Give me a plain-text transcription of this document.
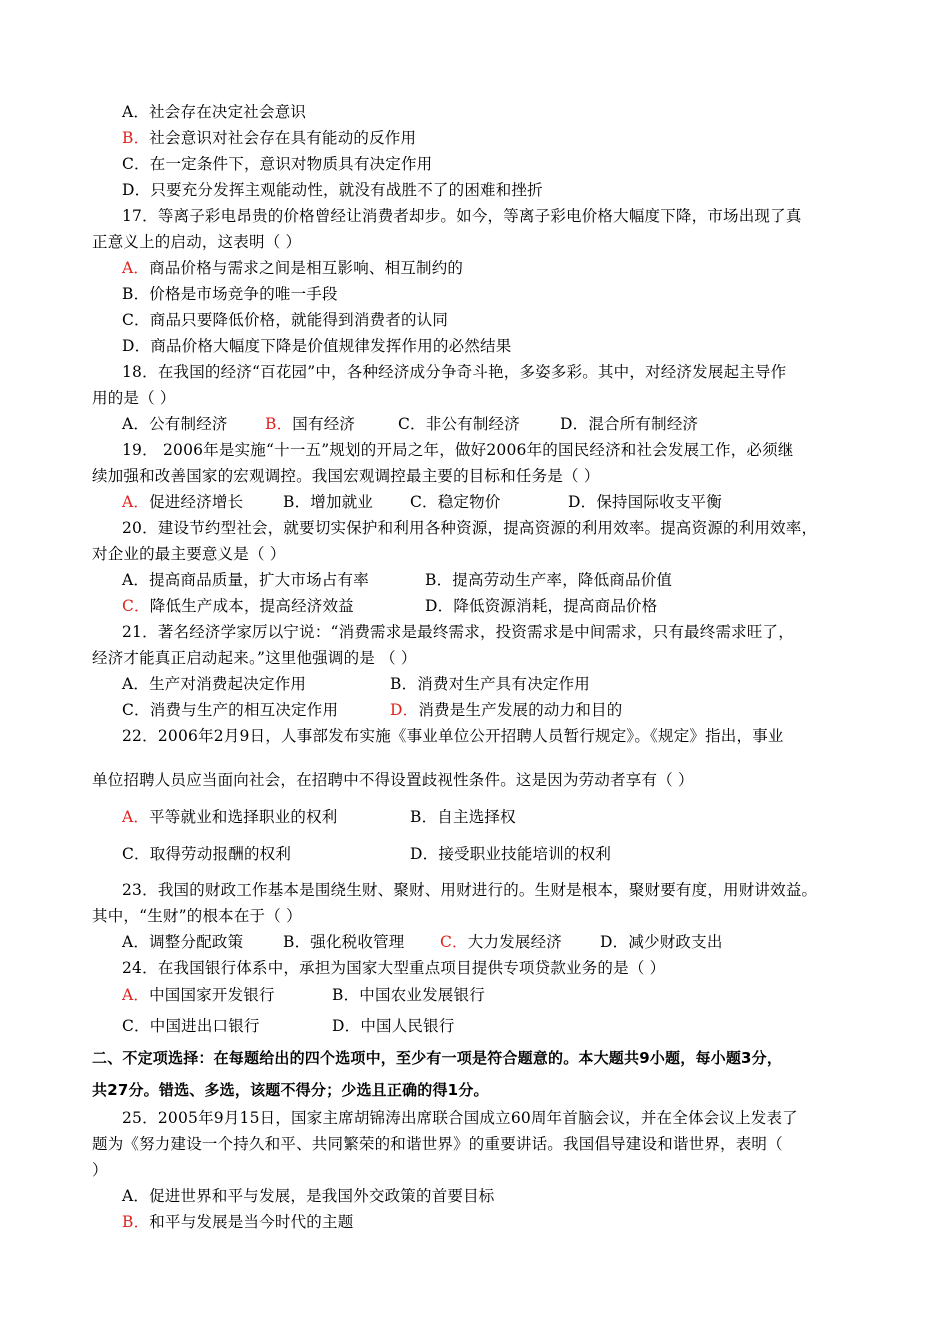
A．社会存在决定社会意识
B．社会意识对社会存在具有能动的反作用
C．在一定条件下，意识对物质具有决定作用
D．只要充分发挥主观能动性，就没有战胜不了的困难和挫折
17．等离子彩电昂贵的价格曾经让消费者却步。如今，等离子彩电价格大幅度下降，市场出现了真
正意义上的启动，这表明（ ）
A．商品价格与需求之间是相互影响、相互制约的
B．价格是市场竞争的唯一手段
C．商品只要降低价格，就能得到消费者的认同
D．商品价格大幅度下降是价值规律发挥作用的必然结果
18．在我国的经济“百花园”中，各种经济成分争奇斗艳，多姿多彩。其中，对经济发展起主导作
用的是（ ）
A．公有制经济 B．国有经济	C．非公有制经济	D．混合所有制经济
19． 2006年是实施“十一五”规划的开局之年，做好2006年的国民经济和社会发展工作，必须继
续加强和改善国家的宏观调控。我国宏观调控最主要的目标和任务是（ ）
A．促进经济增长	B．增加就业 C．稳定物价	D．保持国际收支平衡
20．建设节约型社会，就要切实保护和利用各种资源，提高资源的利用效率。提高资源的利用效率，
对企业的最主要意义是（ ）
A．提高商品质量，扩大市场占有率	B．提高劳动生产率，降低商品价值
C．降低生产成本，提高经济效益	D．降低资源消耗，提高商品价格
21．著名经济学家厉以宁说：“消费需求是最终需求，投资需求是中间需求，只有最终需求旺了，
经济才能真正启动起来。”这里他强调的是 （ ）
A．生产对消费起决定作用	B．消费对生产具有决定作用
C．消费与生产的相互决定作用	D．消费是生产发展的动力和目的
22．2006年2月9日，人事部发布实施《事业单位公开招聘人员暂行规定》。《规定》指出，事业
单位招聘人员应当面向社会，在招聘中不得设置歧视性条件。这是因为劳动者享有（ ）
A．平等就业和选择职业的权利	B．自主选择权
C．取得劳动报酬的权利	D．接受职业技能培训的权利
23．我国的财政工作基本是围绕生财、聚财、用财进行的。生财是根本，聚财要有度，用财讲效益。
其中，“生财”的根本在于（ ）
A．调整分配政策	B．强化税收管理 C．大力发展经济 D．减少财政支出
24．在我国银行体系中，承担为国家大型重点项目提供专项贷款业务的是（ ）
A．中国国家开发银行	B．中国农业发展银行
C．中国进出口银行	D．中国人民银行
二、不定项选择：在每题给出的四个选项中，至少有一项是符合题意的。本大题共9小题，每小题3分，
共27分。错选、多选，该题不得分；少选且正确的得1分。
25．2005年9月15日，国家主席胡锦涛出席联合国成立60周年首脑会议，并在全体会议上发表了
题为《努力建设一个持久和平、共同繁荣的和谐世界》的重要讲话。我国倡导建设和谐世界，表明（
）
A．促进世界和平与发展，是我国外交政策的首要目标
B．和平与发展是当今时代的主题
